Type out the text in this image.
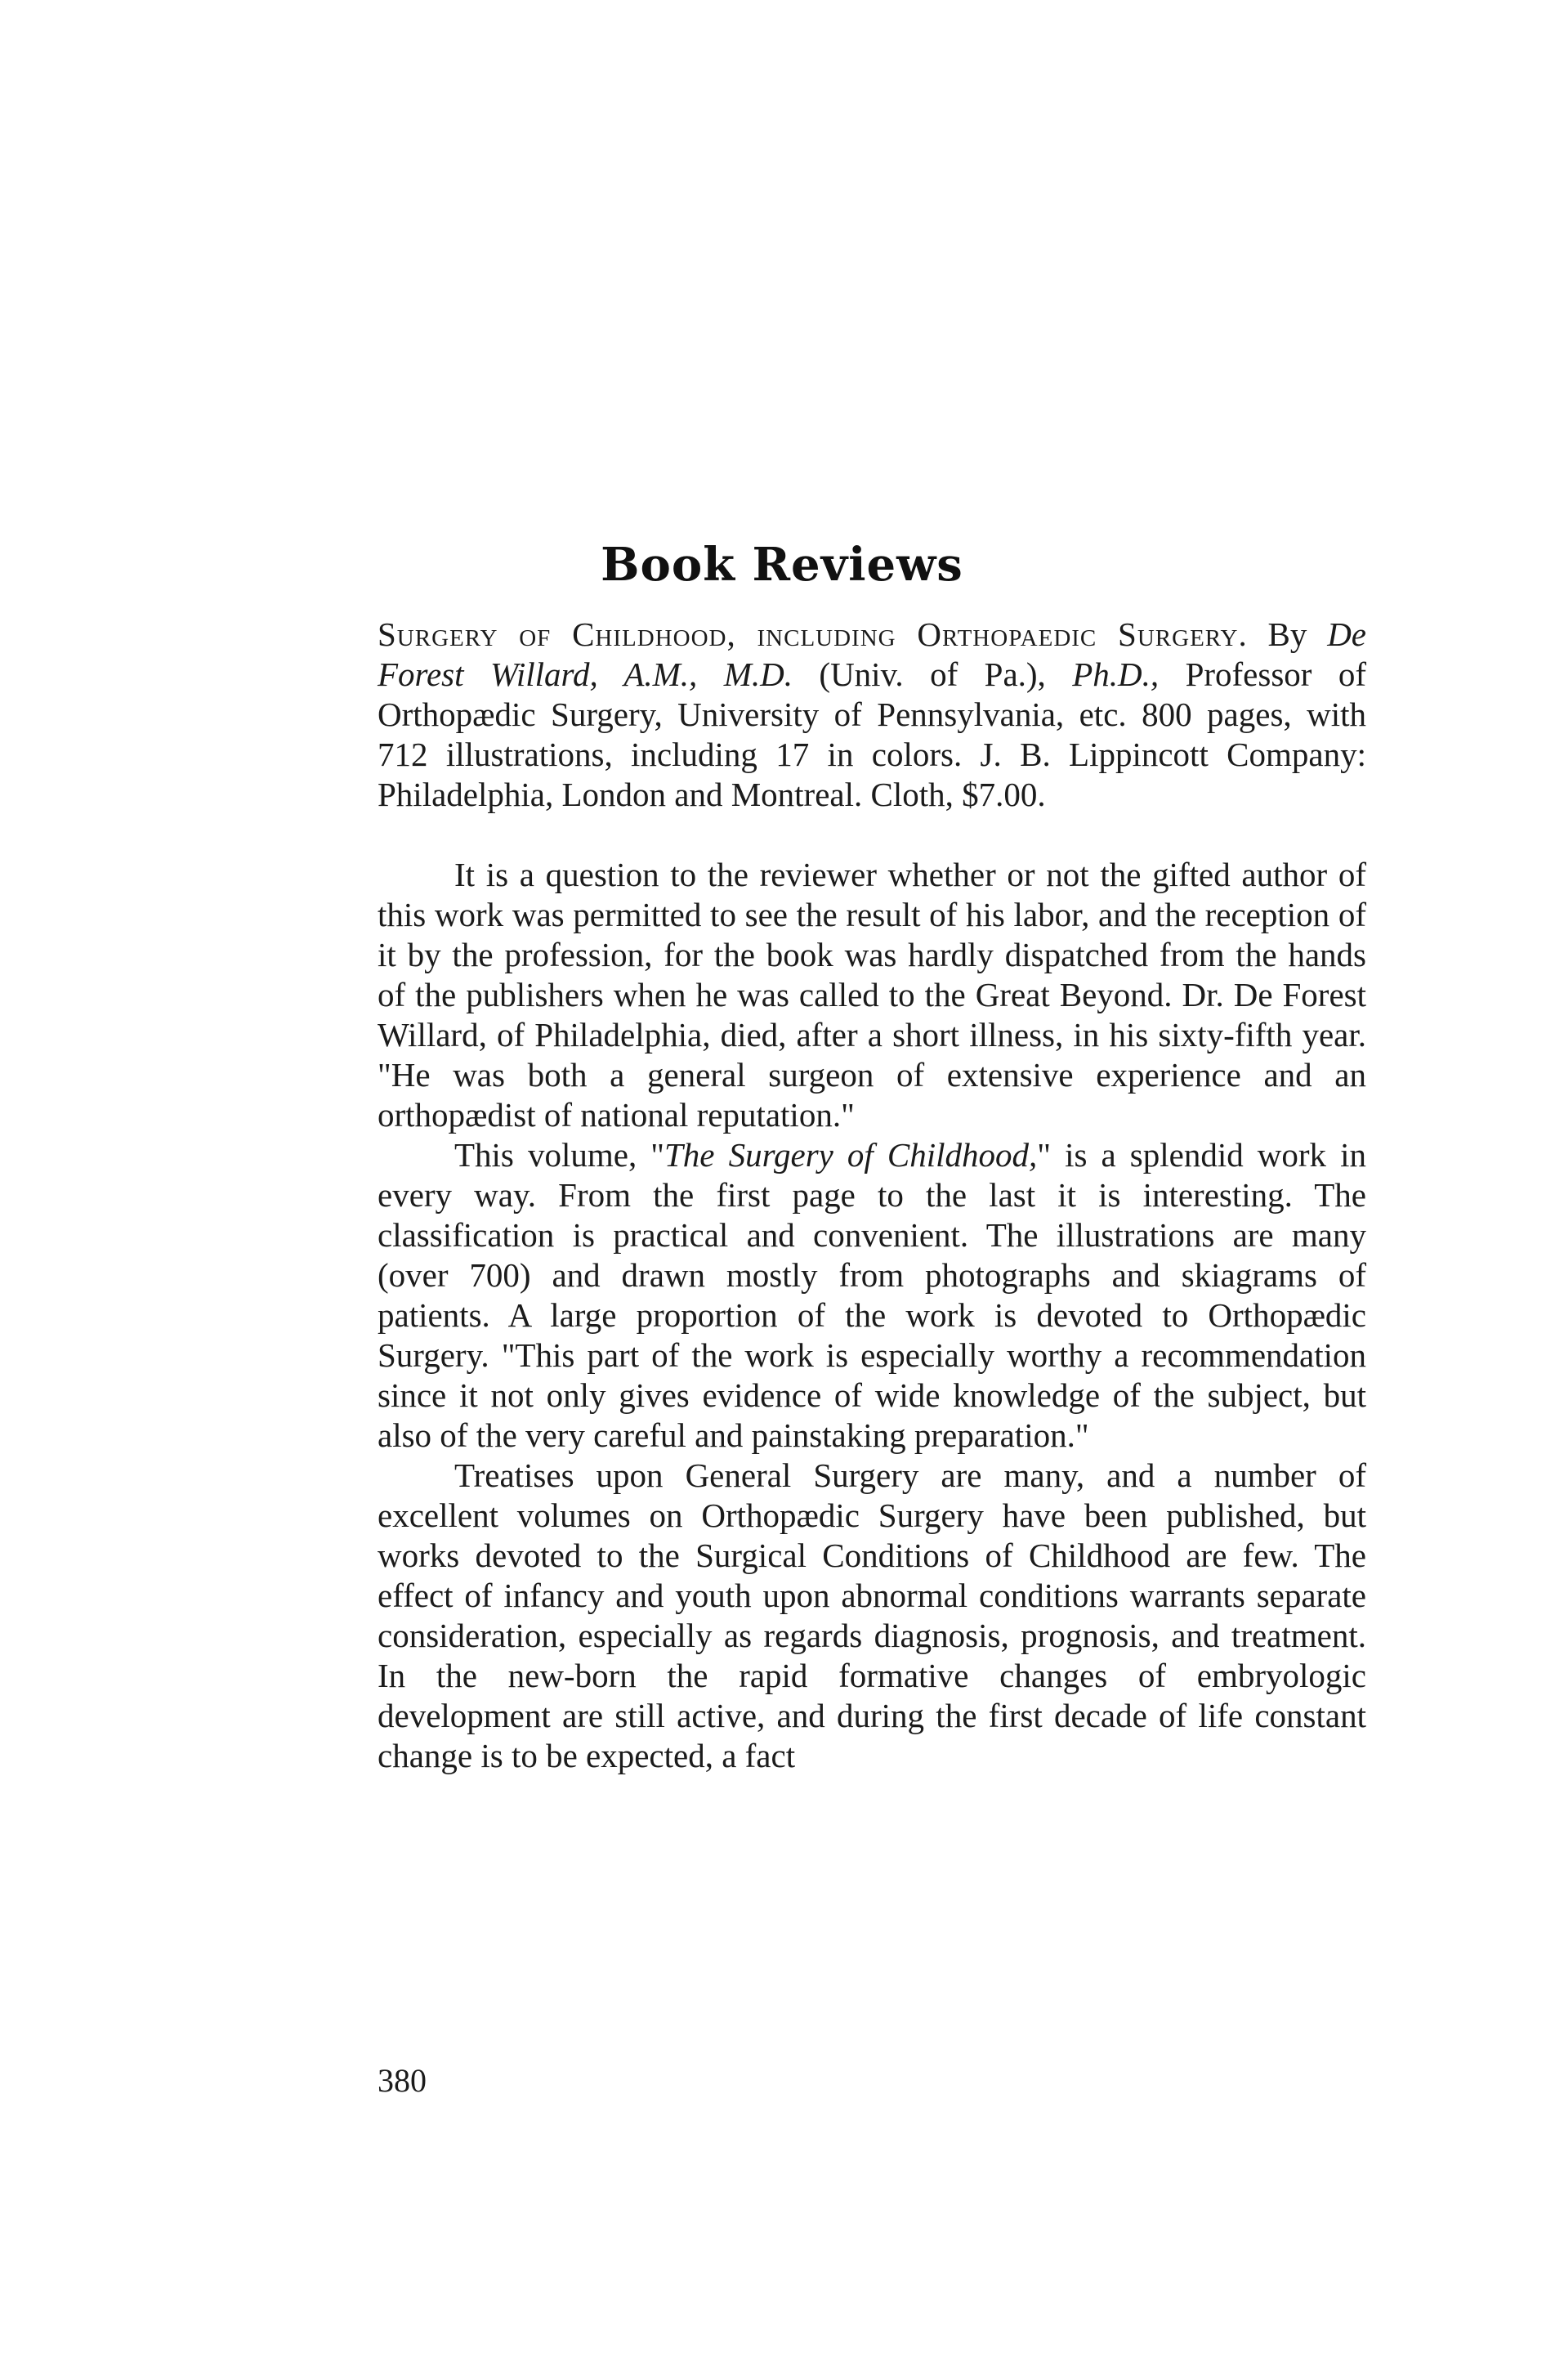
Book Reviews
Surgery of Childhood, including Orthopaedic Surgery. By De Forest Willard, A.M., M.D. (Univ. of Pa.), Ph.D., Professor of Orthopædic Surgery, University of Pennsylvania, etc. 800 pages, with 712 illustrations, including 17 in colors. J. B. Lippincott Company: Philadelphia, London and Montreal. Cloth, $7.00.

It is a question to the reviewer whether or not the gifted author of this work was permitted to see the result of his labor, and the reception of it by the profession, for the book was hardly dispatched from the hands of the publishers when he was called to the Great Beyond. Dr. De Forest Willard, of Philadelphia, died, after a short illness, in his sixty-fifth year. "He was both a general surgeon of extensive experience and an orthopædist of national reputation."

This volume, "The Surgery of Childhood," is a splendid work in every way. From the first page to the last it is interesting. The classification is practical and convenient. The illustrations are many (over 700) and drawn mostly from photographs and skiagrams of patients. A large proportion of the work is devoted to Orthopædic Surgery. "This part of the work is especially worthy a recommendation since it not only gives evidence of wide knowledge of the subject, but also of the very careful and painstaking preparation."

Treatises upon General Surgery are many, and a number of excellent volumes on Orthopædic Surgery have been published, but works devoted to the Surgical Conditions of Childhood are few. The effect of infancy and youth upon abnormal conditions warrants separate consideration, especially as regards diagnosis, prognosis, and treatment. In the new-born the rapid formative changes of embryologic development are still active, and during the first decade of life constant change is to be expected, a fact

380
